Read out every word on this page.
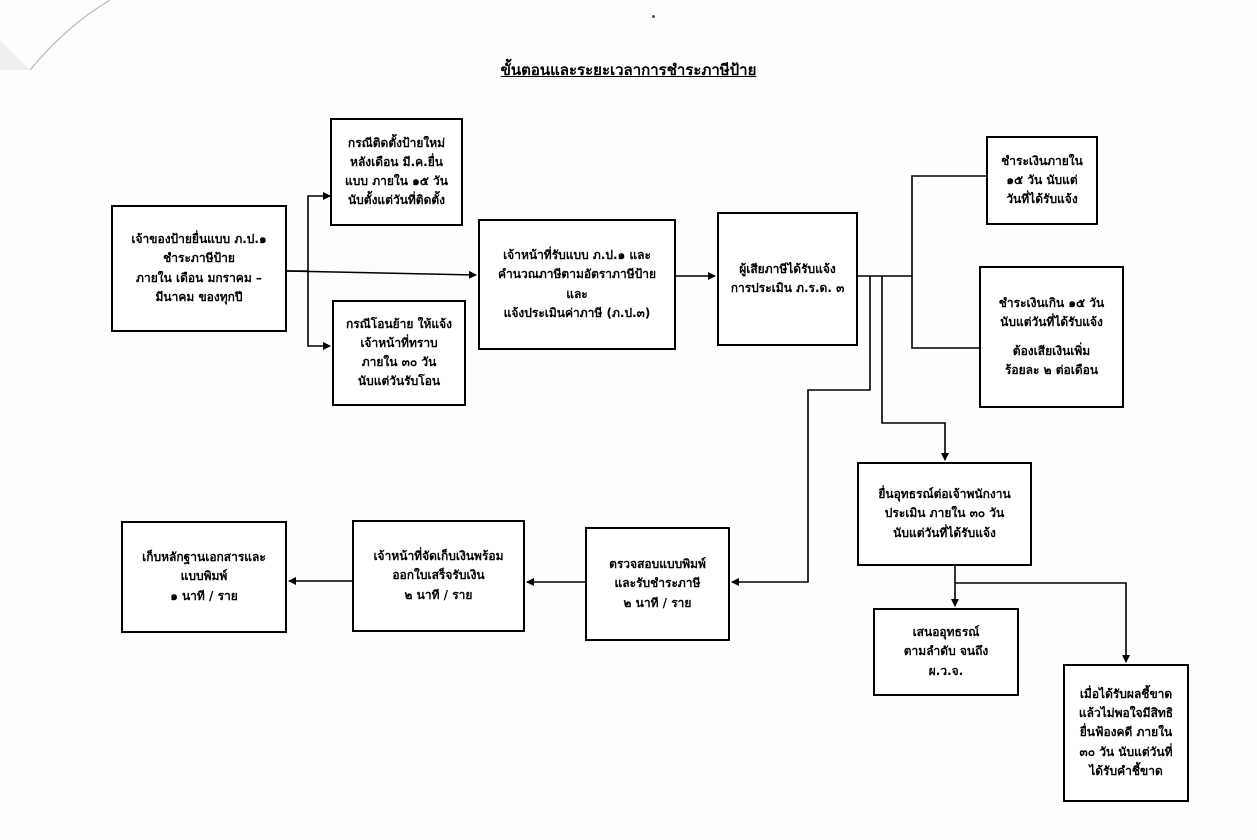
ขั้นตอนและระยะเวลาการชำระภาษีป้าย
เจ้าของป้ายยื่นแบบ ภ.ป.๑
ชำระภาษีป้าย
ภายใน เดือน มกราคม –
มีนาคม ของทุกปี
กรณีติดตั้งป้ายใหม่
หลังเดือน มี.ค.ยื่น
แบบ ภายใน ๑๕ วัน
นับตั้งแต่วันที่ติดตั้ง
กรณีโอนย้าย ให้แจ้ง
เจ้าหน้าที่ทราบ
ภายใน ๓๐ วัน
นับแต่วันรับโอน
เจ้าหน้าที่รับแบบ ภ.ป.๑ และ
คำนวณภาษีตามอัตราภาษีป้าย
และ
แจ้งประเมินค่าภาษี (ภ.ป.๓)
ผู้เสียภาษีได้รับแจ้ง
การประเมิน ภ.ร.ด. ๓
ชำระเงินภายใน
๑๕ วัน นับแต่
วันที่ได้รับแจ้ง
ชำระเงินเกิน ๑๕ วัน
นับแต่วันที่ได้รับแจ้ง
ต้องเสียเงินเพิ่ม
ร้อยละ ๒ ต่อเดือน
ยื่นอุทธรณ์ต่อเจ้าพนักงาน
ประเมิน ภายใน ๓๐ วัน
นับแต่วันที่ได้รับแจ้ง
เสนออุทธรณ์
ตามลำดับ จนถึง
ผ.ว.จ.
เมื่อได้รับผลชี้ขาด
แล้วไม่พอใจมีสิทธิ
ยื่นฟ้องคดี ภายใน
๓๐ วัน นับแต่วันที่
ได้รับคำชี้ขาด
ตรวจสอบแบบพิมพ์
และรับชำระภาษี
๒ นาที / ราย
เจ้าหน้าที่จัดเก็บเงินพร้อม
ออกใบเสร็จรับเงิน
๒ นาที / ราย
เก็บหลักฐานเอกสารและ
แบบพิมพ์
๑ นาที / ราย
